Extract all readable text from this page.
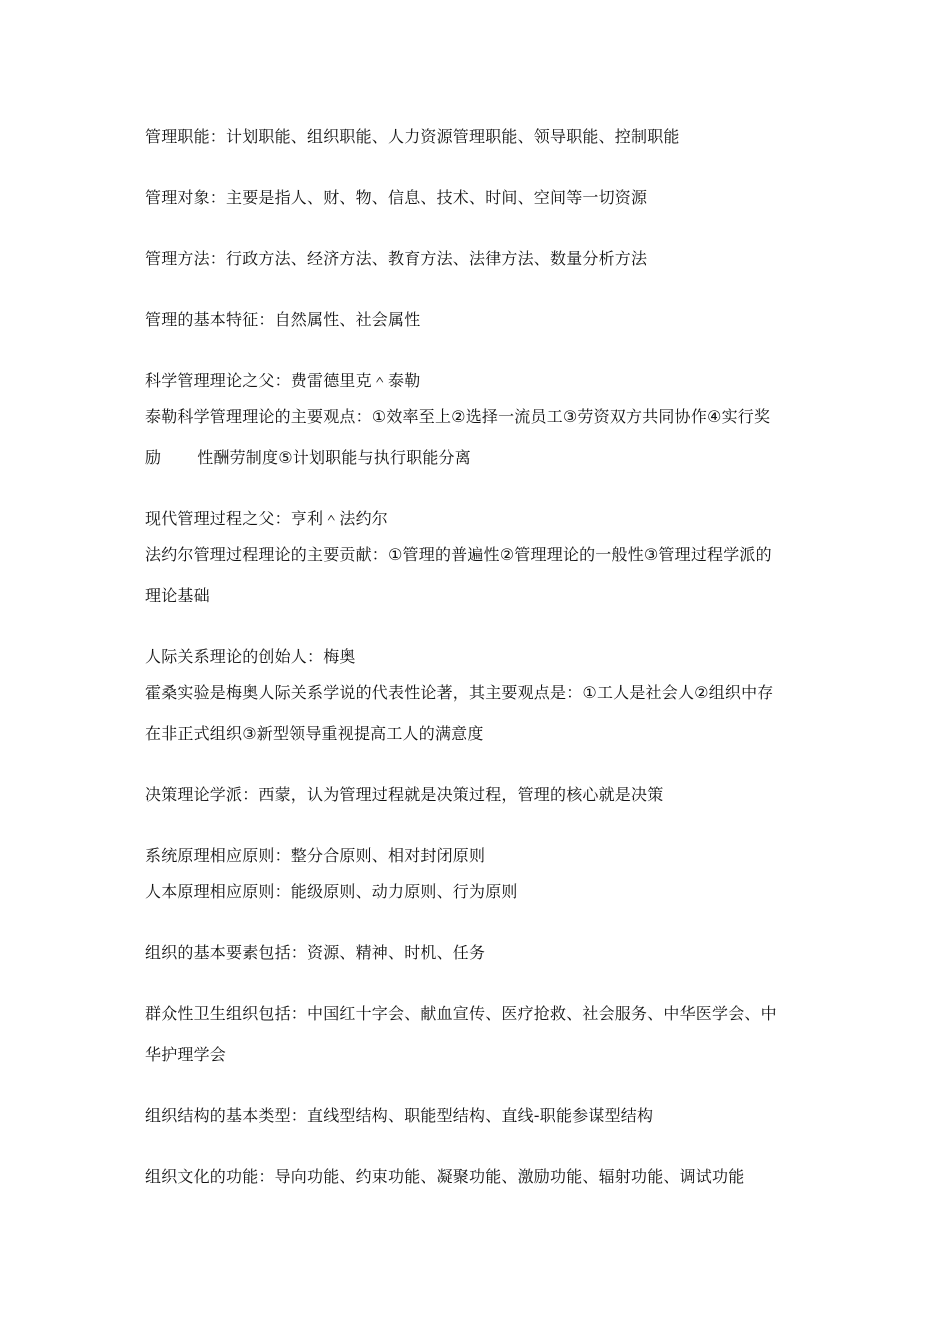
管理职能：计划职能、组织职能、人力资源管理职能、领导职能、控制职能
管理对象：主要是指人、财、物、信息、技术、时间、空间等一切资源
管理方法：行政方法、经济方法、教育方法、法律方法、数量分析方法
管理的基本特征：自然属性、社会属性
科学管理理论之父：费雷德里克＾泰勒
泰勒科学管理理论的主要观点：①效率至上②选择一流员工③劳资双方共同协作④实行奖
励 性酬劳制度⑤计划职能与执行职能分离
现代管理过程之父：亨利＾法约尔
法约尔管理过程理论的主要贡献：①管理的普遍性②管理理论的一般性③管理过程学派的
理论基础
人际关系理论的创始人：梅奥
霍桑实验是梅奥人际关系学说的代表性论著，其主要观点是：①工人是社会人②组织中存
在非正式组织③新型领导重视提高工人的满意度
决策理论学派：西蒙，认为管理过程就是决策过程，管理的核心就是决策
系统原理相应原则：整分合原则、相对封闭原则
人本原理相应原则：能级原则、动力原则、行为原则
组织的基本要素包括：资源、精神、时机、任务
群众性卫生组织包括：中国红十字会、献血宣传、医疗抢救、社会服务、中华医学会、中
华护理学会
组织结构的基本类型：直线型结构、职能型结构、直线-职能参谋型结构
组织文化的功能：导向功能、约束功能、凝聚功能、激励功能、辐射功能、调试功能
